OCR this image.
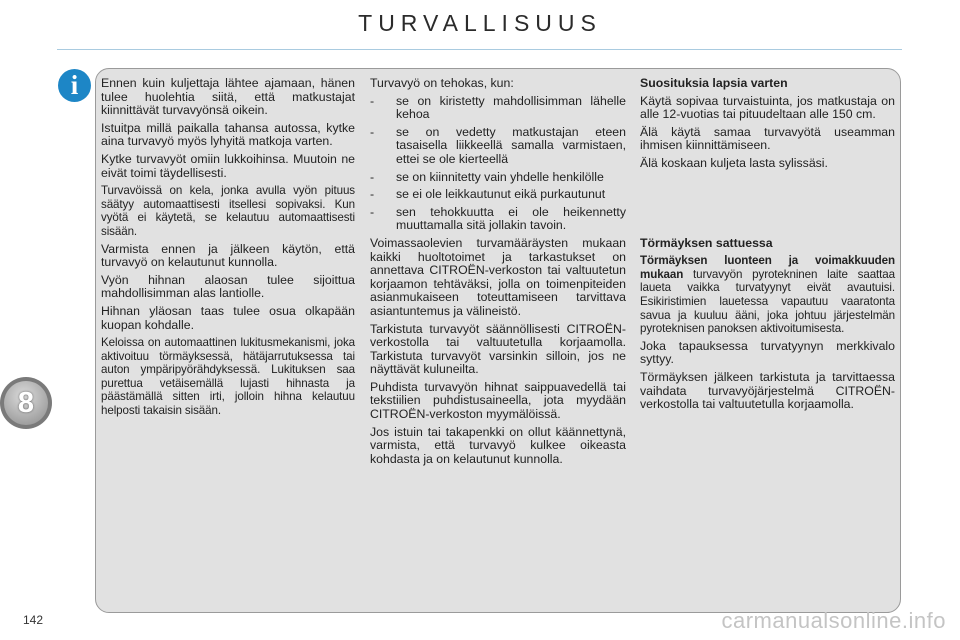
TURVALLISUUS
i
8
142	carmanualsonline.info

Ennen kuin kuljettaja lähtee ajamaan, hänen tulee huolehtia siitä, että matkustajat kiinnittävät turvavyönsä oikein.

Istuitpa millä paikalla tahansa autossa, kytke aina turvavyö myös lyhyitä matkoja varten.

Kytke turvavyöt omiin lukkoihinsa. Muutoin ne eivät toimi täydellisesti.

Turvavöissä on kela, jonka avulla vyön pituus säätyy automaattisesti itsellesi sopivaksi. Kun vyötä ei käytetä, se kelautuu automaattisesti sisään.

Varmista ennen ja jälkeen käytön, että turvavyö on kelautunut kunnolla.

Vyön hihnan alaosan tulee sijoittua mahdollisimman alas lantiolle.

Hihnan yläosan taas tulee osua olkapään kuopan kohdalle.

Keloissa on automaattinen lukitusmekanismi, joka aktivoituu törmäyksessä, hätäjarrutuksessa tai auton ympäripyörähdyksessä. Lukituksen saa purettua vetäisemällä lujasti hihnasta ja päästämällä sitten irti, jolloin hihna kelautuu helposti takaisin sisään.

Turvavyö on tehokas, kun:

- se on kiristetty mahdollisimman lähelle kehoa
- se on vedetty matkustajan eteen tasaisella liikkeellä samalla varmistaen, ettei se ole kierteellä
- se on kiinnitetty vain yhdelle henkilölle
- se ei ole leikkautunut eikä purkautunut
- sen tehokkuutta ei ole heikennetty muuttamalla sitä jollakin tavoin.

Voimassaolevien turvamääräysten mukaan kaikki huoltotoimet ja tarkastukset on annettava CITROËN-verkoston tai valtuutetun korjaamon tehtäväksi, jolla on toimenpiteiden asianmukaiseen toteuttamiseen tarvittava asiantuntemus ja välineistö.

Tarkistuta turvavyöt säännöllisesti CITROËN-verkostolla tai valtuutetulla korjaamolla. Tarkistuta turvavyöt varsinkin silloin, jos ne näyttävät kuluneilta.

Puhdista turvavyön hihnat saippuavedellä tai tekstiilien puhdistusaineella, jota myydään CITROËN-verkoston myymälöissä.

Jos istuin tai takapenkki on ollut käännettynä, varmista, että turvavyö kulkee oikeasta kohdasta ja on kelautunut kunnolla.

Suosituksia lapsia varten

Käytä sopivaa turvaistuinta, jos matkustaja on alle 12-vuotias tai pituudeltaan alle 150 cm.

Älä käytä samaa turvavyötä useamman ihmisen kiinnittämiseen.

Älä koskaan kuljeta lasta sylissäsi.

Törmäyksen sattuessa

Törmäyksen luonteen ja voimakkuuden mukaan turvavyön pyrotekninen laite saattaa laueta vaikka turvatyynyt eivät avautuisi. Esikiristimien lauetessa vapautuu vaaratonta savua ja kuuluu ääni, joka johtuu järjestelmän pyroteknisen panoksen aktivoitumisesta.

Joka tapauksessa turvatyynyn merkkivalo syttyy.

Törmäyksen jälkeen tarkistuta ja tarvittaessa vaihdata turvavyöjärjestelmä CITROËN-verkostolla tai valtuutetulla korjaamolla.
